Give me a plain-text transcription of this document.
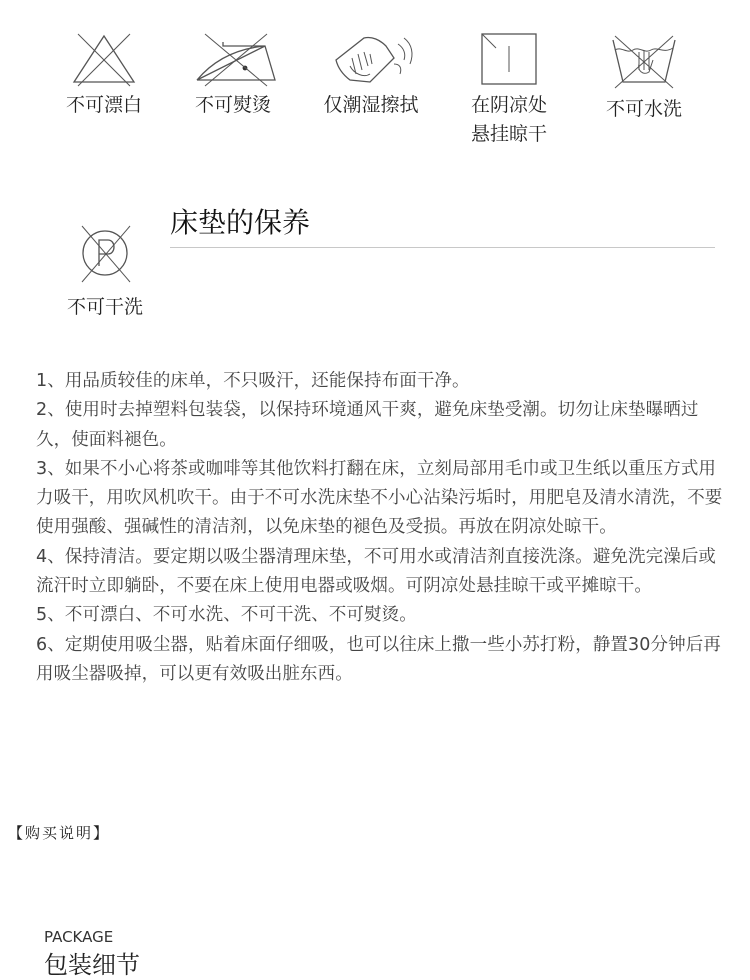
不可漂白	不可熨烫	仅潮湿擦拭	在阴凉处
悬挂晾干
不可水洗
不可干洗
床垫的保养

1、用品质较佳的床单，不只吸汗，还能保持布面干净。

2、使用时去掉塑料包装袋，以保持环境通风干爽，避免床垫受潮。切勿让床垫曝晒过久，使面料褪色。

3、如果不小心将茶或咖啡等其他饮料打翻在床，立刻局部用毛巾或卫生纸以重压方式用力吸干，用吹风机吹干。由于不可水洗床垫不小心沾染污垢时，用肥皂及清水清洗，不要使用强酸、强碱性的清洁剂，以免床垫的褪色及受损。再放在阴凉处晾干。

4、保持清洁。要定期以吸尘器清理床垫，不可用水或清洁剂直接洗涤。避免洗完澡后或流汗时立即躺卧，不要在床上使用电器或吸烟。可阴凉处悬挂晾干或平摊晾干。

5、不可漂白、不可水洗、不可干洗、不可熨烫。

6、定期使用吸尘器，贴着床面仔细吸，也可以往床上撒一些小苏打粉，静置30分钟后再用吸尘器吸掉，可以更有效吸出脏东西。

【购买说明】
PACKAGE
包装细节
